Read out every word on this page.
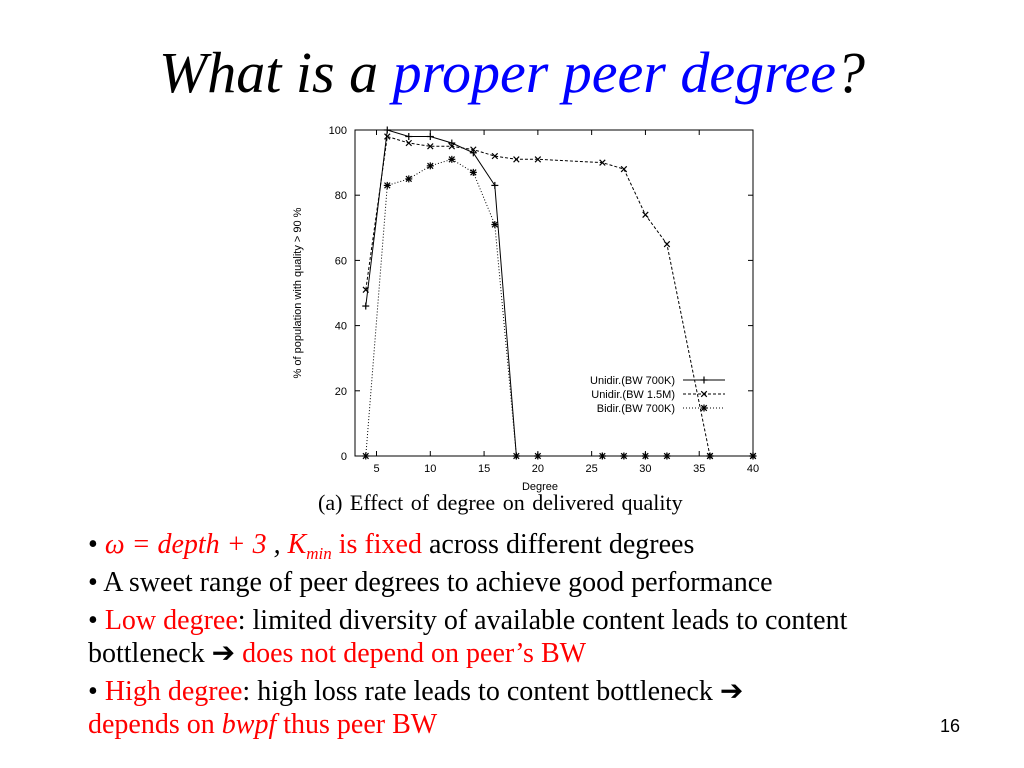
What is a proper peer degree?
0
20
40
60
80
100
5	10	15	20	25	30	35	40
Unidir.(BW 700K)
Unidir.(BW 1.5M)
Bidir.(BW 700K)
% of population with quality > 90 %
Degree
(a) Effect of degree on delivered quality
• ω = depth + 3 , $K_{min}$ is fixed across different degrees
• A sweet range of peer degrees to achieve good performance
• Low degree: limited diversity of available content leads to content bottleneck ➔ does not depend on peer’s BW
• High degree: high loss rate leads to content bottleneck ➔
depends on bwpf thus peer BW	16
